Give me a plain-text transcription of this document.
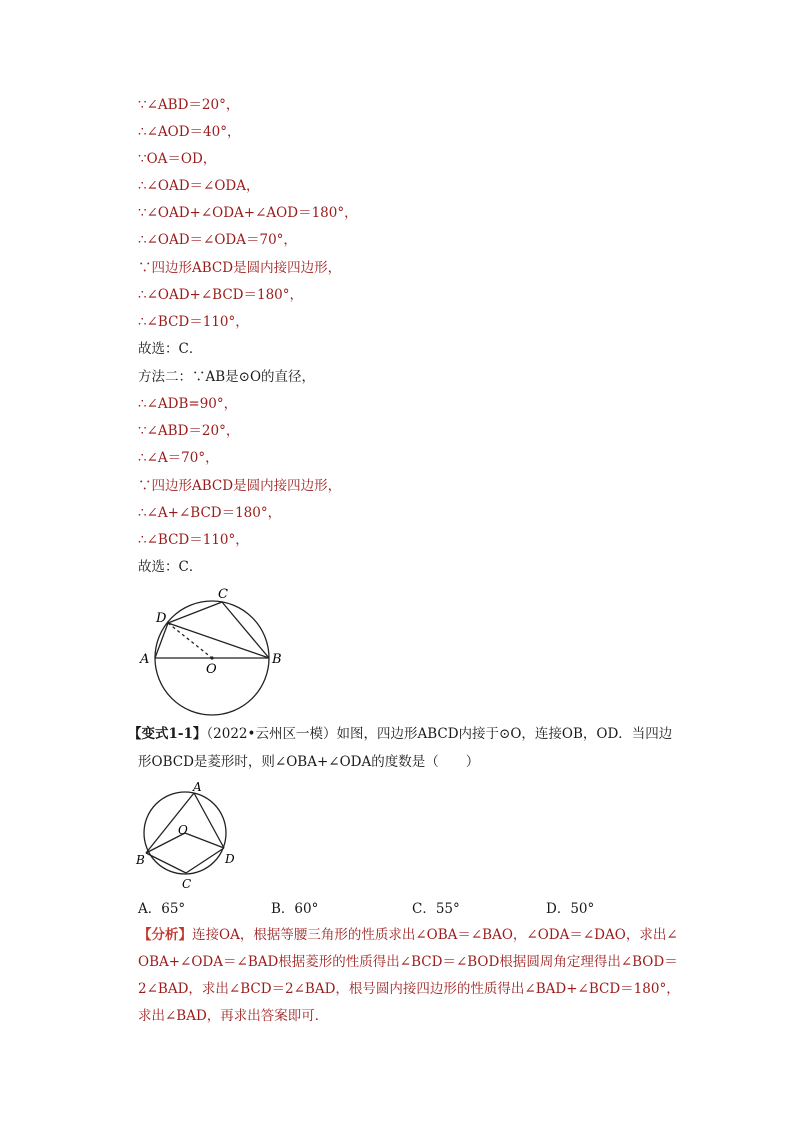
∵∠ABD＝20°，
∴∠AOD＝40°，
∵OA＝OD，
∴∠OAD＝∠ODA，
∵∠OAD+∠ODA+∠AOD＝180°，
∴∠OAD＝∠ODA＝70°，
∵四边形ABCD是圆内接四边形，
∴∠OAD+∠BCD＝180°，
∴∠BCD＝110°，
故选：C．
方法二：∵AB是⊙O的直径，
∴∠ADB=90°，
∵∠ABD＝20°，
∴∠A＝70°，
∵四边形ABCD是圆内接四边形，
∴∠A+∠BCD＝180°，
∴∠BCD＝110°，
故选：C．
A	B
C
D
O
【变式1-1】（2022•云州区一模）如图，四边形ABCD内接于⊙O，连接OB，OD．当四边
形OBCD是菱形时，则∠OBA+∠ODA的度数是（　　）
A
B
C
D
O
A．65°	B．60°	C．55°	D．50°
【分析】连接OA，根据等腰三角形的性质求出∠OBA＝∠BAO，∠ODA＝∠DAO，求出∠
OBA+∠ODA＝∠BAD根据菱形的性质得出∠BCD＝∠BOD根据圆周角定理得出∠BOD＝
2∠BAD，求出∠BCD＝2∠BAD，根号圆内接四边形的性质得出∠BAD+∠BCD＝180°，
求出∠BAD，再求出答案即可．
